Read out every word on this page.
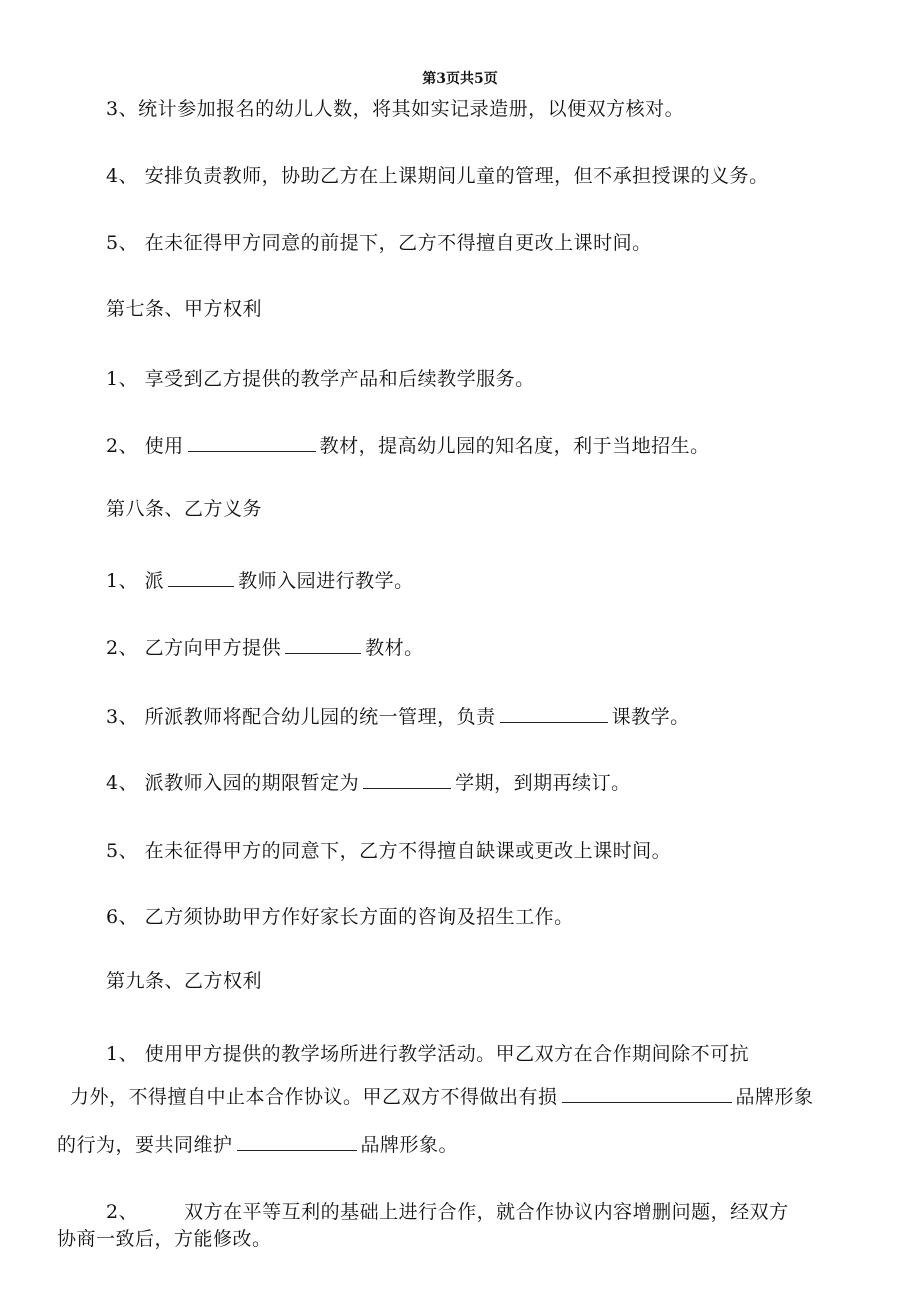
第3页共5页
3、统计参加报名的幼儿人数，将其如实记录造册，以便双方核对。
4、 安排负责教师，协助乙方在上课期间儿童的管理，但不承担授课的义务。
5、 在未征得甲方同意的前提下，乙方不得擅自更改上课时间。
第七条、甲方权利
1、 享受到乙方提供的教学产品和后续教学服务。
2、 使用	教材，提高幼儿园的知名度，利于当地招生。
第八条、乙方义务
1、 派	教师入园进行教学。
2、 乙方向甲方提供	教材。
3、 所派教师将配合幼儿园的统一管理，负责	课教学。
4、 派教师入园的期限暂定为	学期，到期再续订。
5、 在未征得甲方的同意下，乙方不得擅自缺课或更改上课时间。
6、 乙方须协助甲方作好家长方面的咨询及招生工作。
第九条、乙方权利
1、 使用甲方提供的教学场所进行教学活动。甲乙双方在合作期间除不可抗
力外，不得擅自中止本合作协议。甲乙双方不得做出有损	品牌形象
的行为，要共同维护	品牌形象。
2、 双方在平等互利的基础上进行合作，就合作协议内容增删问题，经双方
协商一致后，方能修改。
